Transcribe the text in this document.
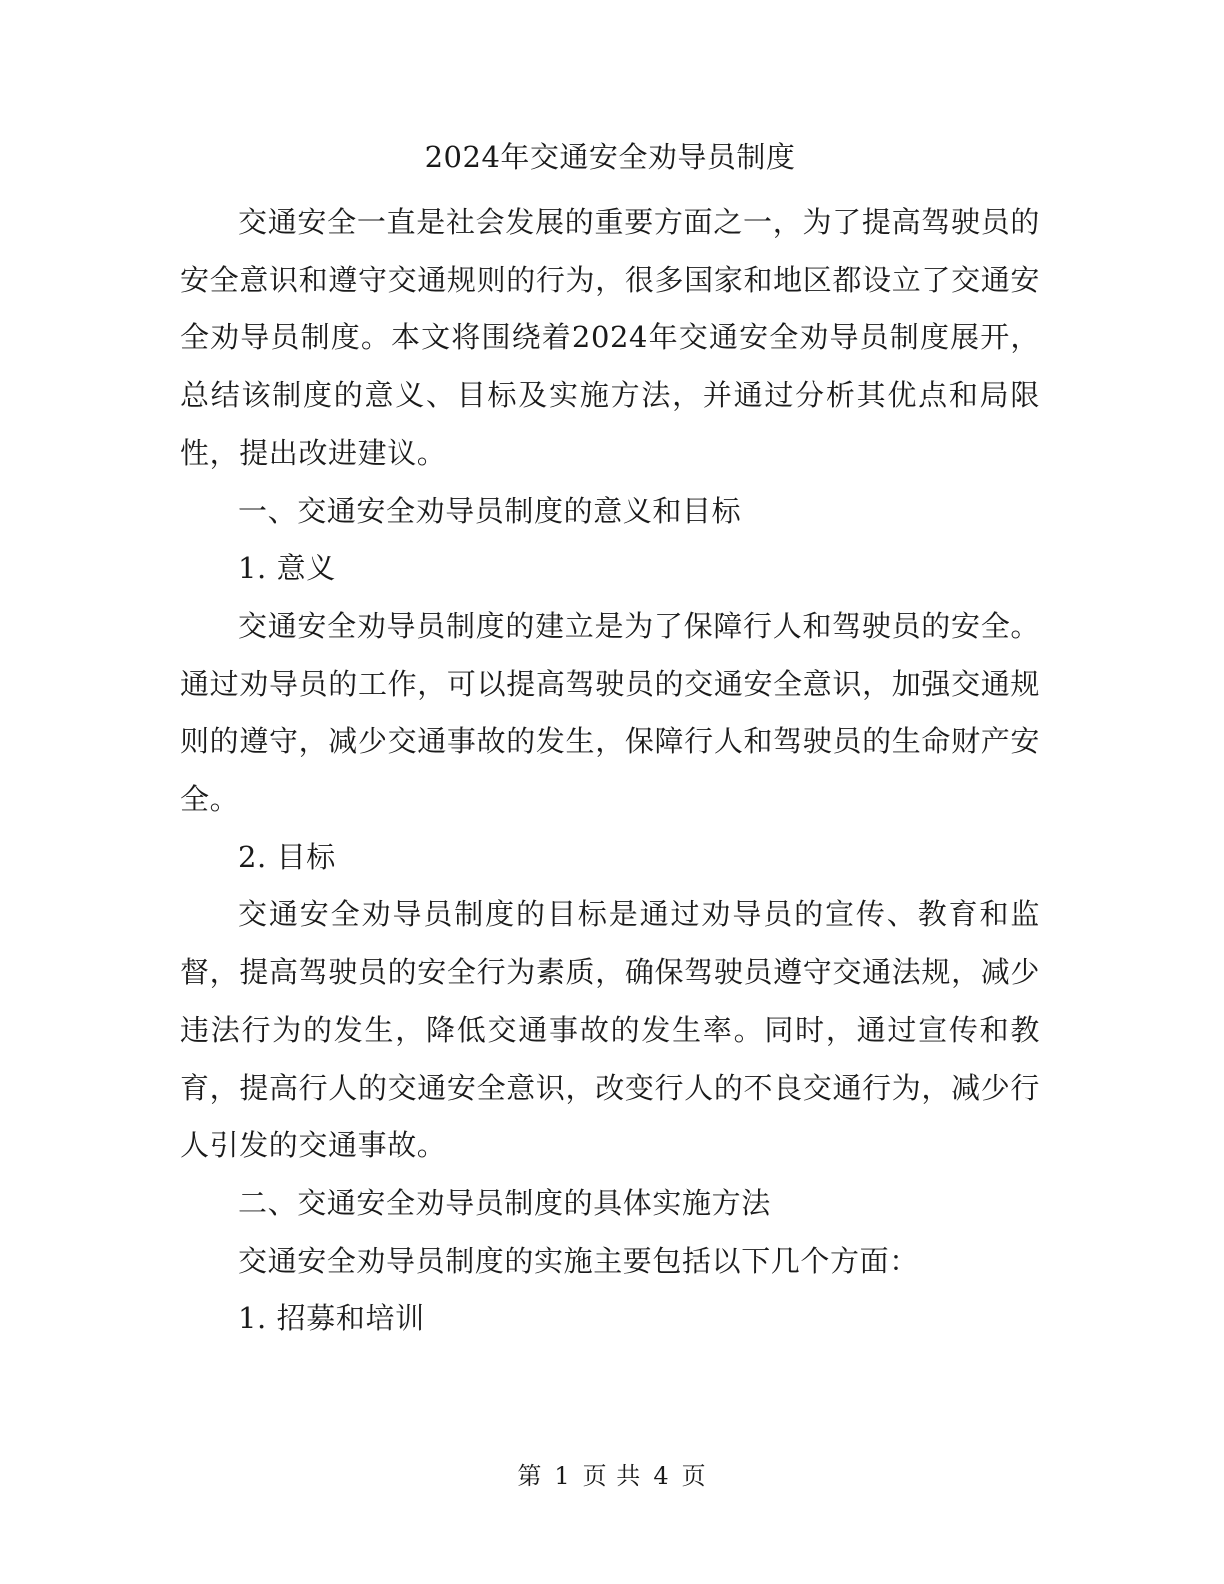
2024年交通安全劝导员制度

交通安全一直是社会发展的重要方面之一，为了提高驾驶员的安全意识和遵守交通规则的行为，很多国家和地区都设立了交通安全劝导员制度。本文将围绕着2024年交通安全劝导员制度展开，总结该制度的意义、目标及实施方法，并通过分析其优点和局限性，提出改进建议。

一、交通安全劝导员制度的意义和目标

1. 意义

交通安全劝导员制度的建立是为了保障行人和驾驶员的安全。通过劝导员的工作，可以提高驾驶员的交通安全意识，加强交通规则的遵守，减少交通事故的发生，保障行人和驾驶员的生命财产安全。

2. 目标

交通安全劝导员制度的目标是通过劝导员的宣传、教育和监督，提高驾驶员的安全行为素质，确保驾驶员遵守交通法规，减少违法行为的发生，降低交通事故的发生率。同时，通过宣传和教育，提高行人的交通安全意识，改变行人的不良交通行为，减少行人引发的交通事故。

二、交通安全劝导员制度的具体实施方法

交通安全劝导员制度的实施主要包括以下几个方面：

1. 招募和培训

第 1 页 共 4 页
